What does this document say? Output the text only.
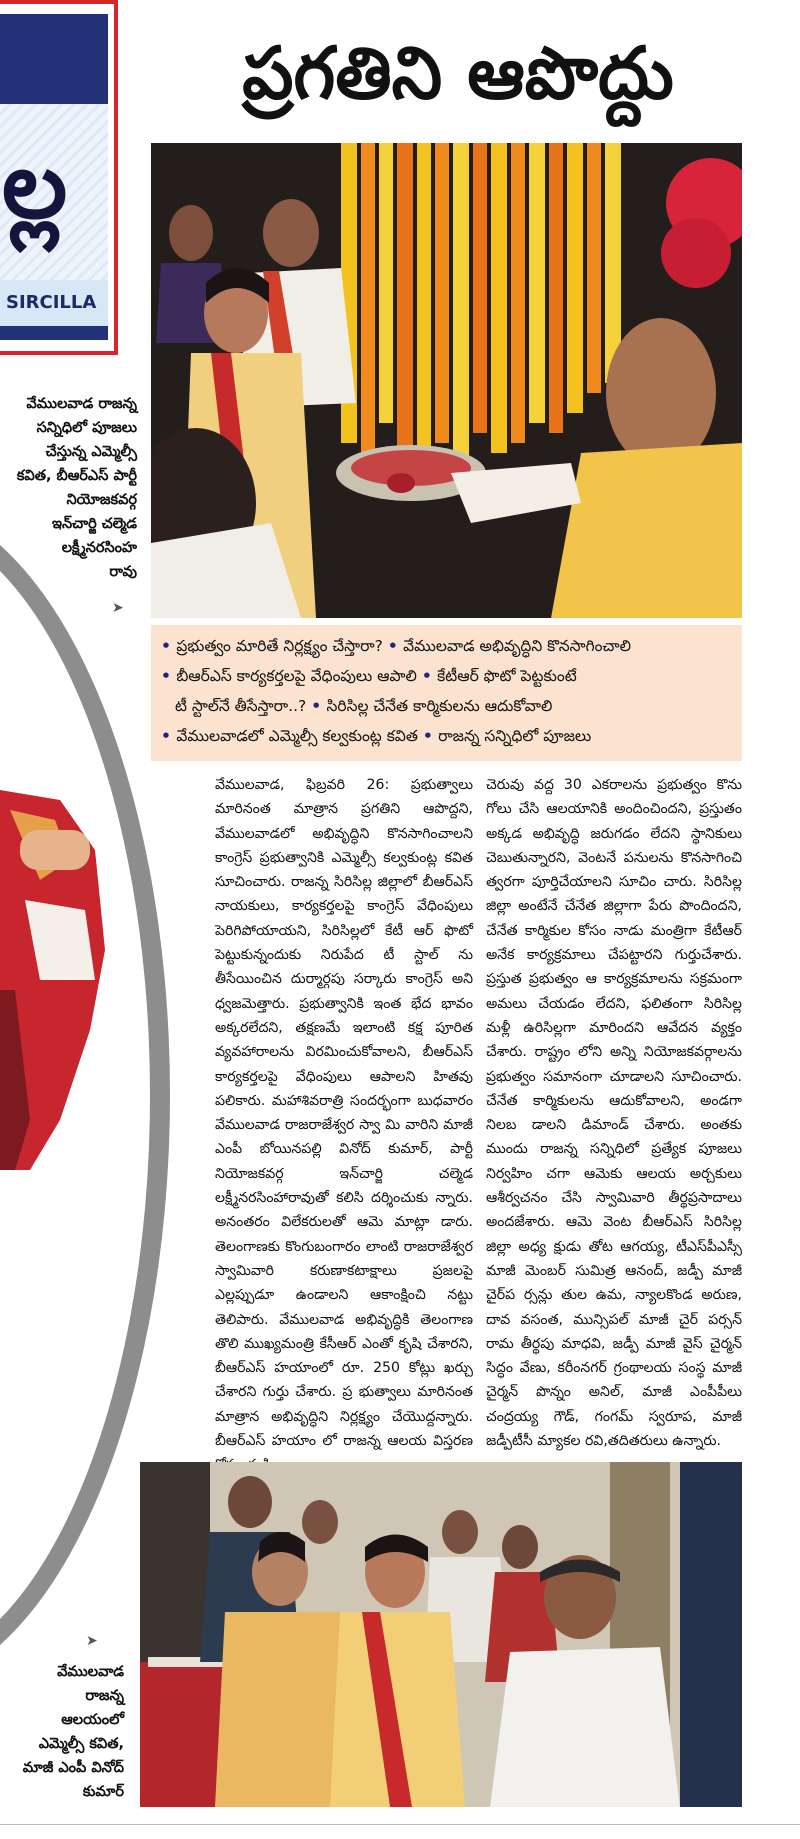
ల్ల
SIRCILLA
వేములవాడ రాజన్న
సన్నిధిలో పూజలు
చేస్తున్న ఎమ్మెల్సీ
కవిత, బీఆర్ఎస్ పార్టీ
నియోజకవర్గ
ఇన్‌చార్జి చల్మెడ
లక్ష్మీనరసింహ
రావు
➤
➤
వేములవాడ
రాజన్న
ఆలయంలో
ఎమ్మెల్సీ కవిత,
మాజీ ఎంపీ వినోద్
కుమార్
ప్రగతిని ఆపొద్దు
• ప్రభుత్వం మారితే నిర్లక్ష్యం చేస్తారా? • వేములవాడ అభివృద్ధిని కొనసాగించాలి
• బీఆర్ఎస్ కార్యకర్తలపై వేధింపులు ఆపాలి • కేటీఆర్ ఫొటో పెట్టకుంటే
టీ స్టాల్‌నే తీసేస్తారా..? • సిరిసిల్ల చేనేత కార్మికులను ఆదుకోవాలి
• వేములవాడలో ఎమ్మెల్సీ కల్వకుంట్ల కవిత • రాజన్న సన్నిధిలో పూజలు
వేములవాడ, ఫిబ్రవరి 26: ప్రభుత్వాలు మారినంత మాత్రాన ప్రగతిని ఆపొద్దని, వేములవాడలో అభివృద్ధిని కొనసాగించాలని కాంగ్రెస్ ప్రభుత్వానికి ఎమ్మెల్సీ కల్వకుంట్ల కవిత సూచించారు. రాజన్న సిరిసిల్ల జిల్లాలో బీఆర్ఎస్ నాయకులు, కార్యకర్తలపై కాంగ్రెస్ వేధింపులు పెరిగిపోయాయని, సిరిసిల్లలో కేటీ ఆర్ ఫొటో పెట్టుకున్నందుకు నిరుపేద టీ స్టాల్ ను తీసేయించిన దుర్మార్గపు సర్కారు కాంగ్రెస్ అని ధ్వజమెత్తారు. ప్రభుత్వానికి ఇంత భేద భావం అక్కరలేదని, తక్షణమే ఇలాంటి కక్ష పూరిత వ్యవహారాలను విరమించుకోవాలని, బీఆర్ఎస్ కార్యకర్తలపై వేధింపులు ఆపాలని హితవు పలికారు. మహాశివరాత్రి సందర్భంగా బుధవారం వేములవాడ రాజరాజేశ్వర స్వా మి వారిని మాజీ ఎంపీ బోయినపల్లి వినోద్ కుమార్, పార్టీ నియోజకవర్గ ఇన్‌చార్జి చల్మెడ లక్ష్మీనరసింహారావుతో కలిసి దర్శించుకు న్నారు. అనంతరం విలేకరులతో ఆమె మాట్లా డారు. తెలంగాణకు కొంగుబంగారం లాంటి రాజరాజేశ్వర స్వామివారి కరుణాకటాక్షాలు ప్రజలపై ఎల్లప్పుడూ ఉండాలని ఆకాంక్షించి నట్టు తెలిపారు. వేములవాడ అభివృద్ధికి తెలంగాణ తొలి ముఖ్యమంత్రి కేసీఆర్ ఎంతో కృషి చేశారని, బీఆర్ఎస్ హయాంలో రూ. 250 కోట్లు ఖర్చు చేశారని గుర్తు చేశారు. ప్ర భుత్వాలు మారినంత మాత్రాన అభివృద్ధిని నిర్లక్ష్యం చేయొద్దన్నారు. బీఆర్ఎస్ హయాం లో రాజన్న ఆలయ విస్తరణ
చెరువు వద్ద 30 ఎకరాలను ప్రభుత్వం కొను గోలు చేసి ఆలయానికి అందించిందని, ప్రస్తుతం అక్కడ అభివృద్ధి జరుగడం లేదని స్థానికులు చెబుతున్నారని, వెంటనే పనులను కొనసాగించి త్వరగా పూర్తిచేయాలని సూచిం చారు. సిరిసిల్ల జిల్లా అంటేనే చేనేత జిల్లాగా పేరు పొందిందని, చేనేత కార్మికుల కోసం నాడు మంత్రిగా కేటీఆర్ అనేక కార్యక్రమాలు చేపట్టారని గుర్తుచేశారు. ప్రస్తుత ప్రభుత్వం ఆ కార్యక్రమాలను సక్రమంగా అమలు చేయడం లేదని, ఫలితంగా సిరిసిల్ల మళ్లీ ఉరిసిల్లగా మారిందని ఆవేదన వ్యక్తం చేశారు. రాష్ట్రం లోని అన్ని నియోజకవర్గాలను ప్రభుత్వం సమానంగా చూడాలని సూచించారు. చేనేత కార్మికులను ఆదుకోవాలని, అండగా నిలబ డాలని డిమాండ్ చేశారు. అంతకు ముందు రాజన్న సన్నిధిలో ప్రత్యేక పూజలు నిర్వహిం చగా ఆమెకు ఆలయ అర్చకులు ఆశీర్వచనం చేసి స్వామివారి తీర్థప్రసాదాలు అందజేశారు. ఆమె వెంట బీఆర్ఎస్ సిరిసిల్ల జిల్లా అధ్య క్షుడు తోట ఆగయ్య, టీఎస్‌పీఎస్సీ మాజీ మెంబర్ సుమిత్ర ఆనంద్, జడ్పీ మాజీ చైర్‌ప ర్సన్లు తుల ఉమ, న్యాలకొండ అరుణ, దావ వసంత, మున్సిపల్ మాజీ చైర్ పర్సన్ రామ తీర్థపు మాధవి, జడ్పీ మాజీ వైస్ చైర్మన్ సిద్ధం వేణు, కరీంనగర్ గ్రంథాలయ సంస్థ మాజీ చైర్మన్ పొన్నం అనిల్, మాజీ ఎంపీపీలు చంద్రయ్య గౌడ్, గంగమ్ స్వరూప, మాజీ జడ్పీటీసీ మ్యాకల రవి,తదితరులు ఉన్నారు.
